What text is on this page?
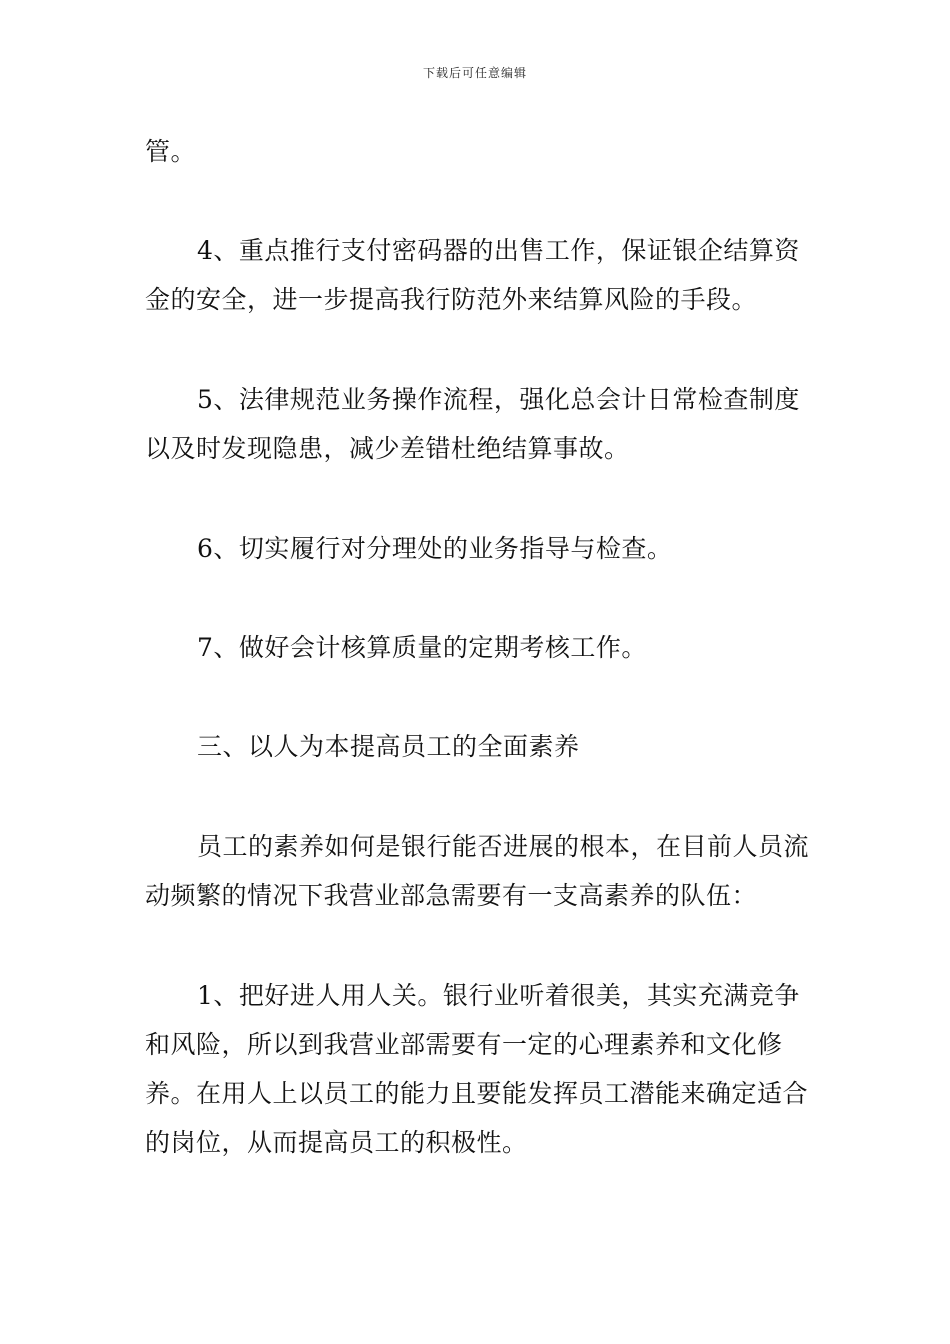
下载后可任意编辑

管。

4、重点推行支付密码器的出售工作，保证银企结算资金的安全，进一步提高我行防范外来结算风险的手段。

5、法律规范业务操作流程，强化总会计日常检查制度以及时发现隐患，减少差错杜绝结算事故。

6、切实履行对分理处的业务指导与检查。

7、做好会计核算质量的定期考核工作。

三、以人为本提高员工的全面素养

员工的素养如何是银行能否进展的根本，在目前人员流动频繁的情况下我营业部急需要有一支高素养的队伍：

1、把好进人用人关。银行业听着很美，其实充满竞争和风险，所以到我营业部需要有一定的心理素养和文化修养。在用人上以员工的能力且要能发挥员工潜能来确定适合的岗位，从而提高员工的积极性。
